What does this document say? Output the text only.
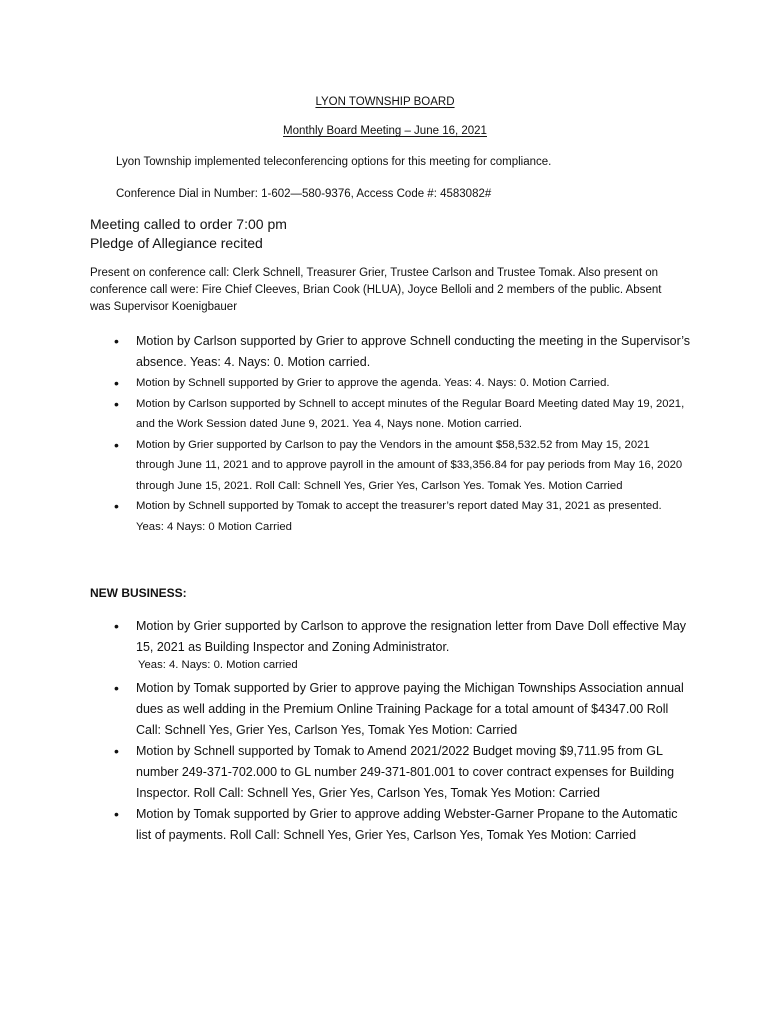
LYON TOWNSHIP BOARD
Monthly Board Meeting – June 16, 2021
Lyon Township implemented teleconferencing options for this meeting for compliance.
Conference Dial in Number: 1-602—580-9376, Access Code #: 4583082#
Meeting called to order 7:00 pm
Pledge of Allegiance recited
Present on conference call: Clerk Schnell, Treasurer Grier, Trustee Carlson and Trustee Tomak. Also present on conference call were: Fire Chief Cleeves, Brian Cook (HLUA), Joyce Belloli and 2 members of the public. Absent was Supervisor Koenigbauer
• Motion by Carlson supported by Grier to approve Schnell conducting the meeting in the Supervisor’s absence. Yeas: 4. Nays: 0. Motion carried.
• Motion by Schnell supported by Grier to approve the agenda. Yeas: 4. Nays: 0. Motion Carried.
• Motion by Carlson supported by Schnell to accept minutes of the Regular Board Meeting dated May 19, 2021, and the Work Session dated June 9, 2021. Yea 4, Nays none. Motion carried.
• Motion by Grier supported by Carlson to pay the Vendors in the amount $58,532.52 from May 15, 2021 through June 11, 2021 and to approve payroll in the amount of $33,356.84 for pay periods from May 16, 2020 through June 15, 2021. Roll Call: Schnell Yes, Grier Yes, Carlson Yes. Tomak Yes. Motion Carried
• Motion by Schnell supported by Tomak to accept the treasurer’s report dated May 31, 2021 as presented. Yeas: 4 Nays: 0 Motion Carried
NEW BUSINESS:
• Motion by Grier supported by Carlson to approve the resignation letter from Dave Doll effective May 15, 2021 as Building Inspector and Zoning Administrator.
Yeas: 4. Nays: 0. Motion carried
• Motion by Tomak supported by Grier to approve paying the Michigan Townships Association annual dues as well adding in the Premium Online Training Package for a total amount of $4347.00 Roll Call: Schnell Yes, Grier Yes, Carlson Yes, Tomak Yes Motion: Carried
• Motion by Schnell supported by Tomak to Amend 2021/2022 Budget moving $9,711.95 from GL number 249-371-702.000 to GL number 249-371-801.001 to cover contract expenses for Building Inspector. Roll Call: Schnell Yes, Grier Yes, Carlson Yes, Tomak Yes Motion: Carried
• Motion by Tomak supported by Grier to approve adding Webster-Garner Propane to the Automatic list of payments. Roll Call: Schnell Yes, Grier Yes, Carlson Yes, Tomak Yes Motion: Carried
